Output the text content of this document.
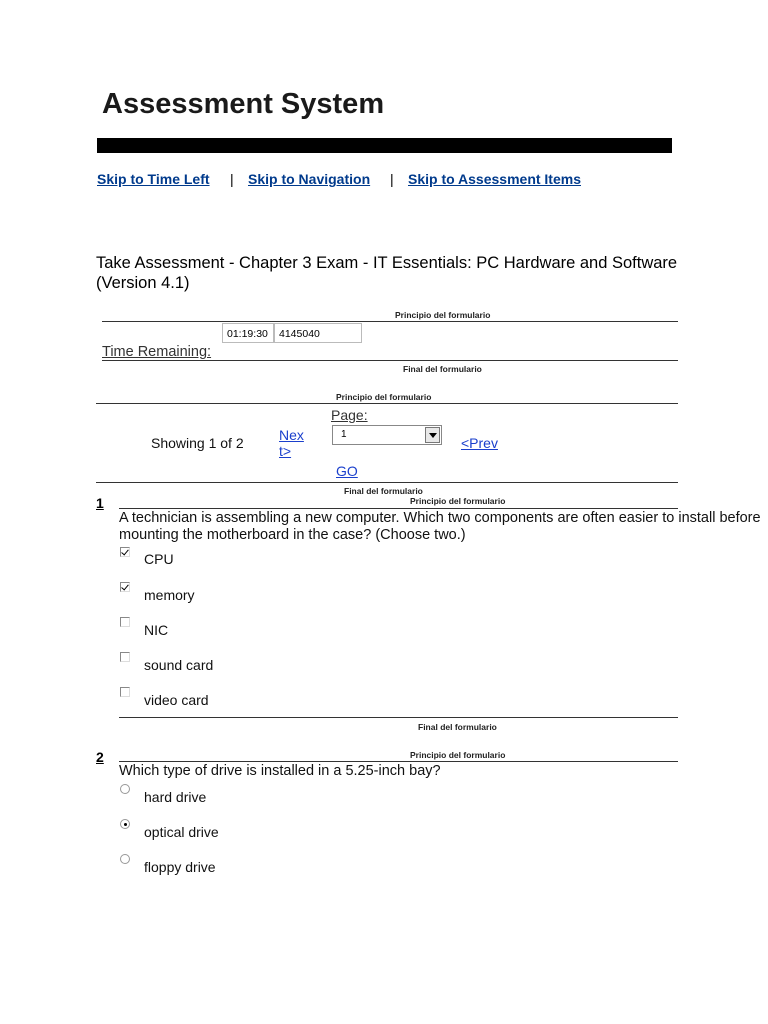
Assessment System
Skip to Time Left | Skip to Navigation | Skip to Assessment Items
Take Assessment - Chapter 3 Exam - IT Essentials: PC Hardware and Software (Version 4.1)
Principio del formulario
01:19:30	4145040
Time Remaining:
Final del formulario
Principio del formulario
Showing 1 of 2	Nex
t>
Page:
1
<Prev
GO
Final del formulario
Principio del formulario
1
A technician is assembling a new computer. Which two components are often easier to install before
mounting the motherboard in the case? (Choose two.)
CPU
memory
NIC
sound card
video card
Final del formulario
2	Principio del formulario
Which type of drive is installed in a 5.25-inch bay?
hard drive
optical drive
floppy drive
